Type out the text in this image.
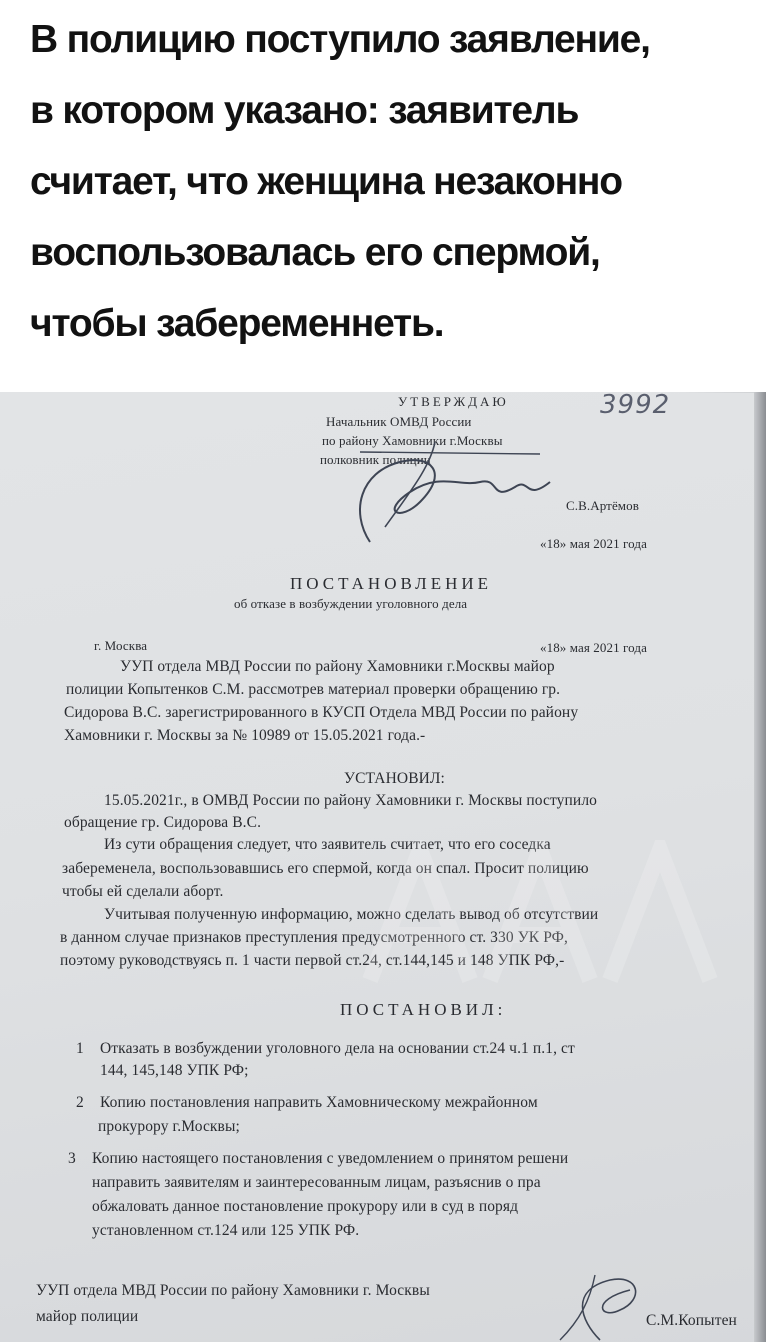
В полицию поступило заявление,

в котором указано: заявитель

считает, что женщина незаконно

воспользовалась его спермой,

чтобы забеременнеть.

3992

УТВЕРЖДАЮ

Начальник ОМВД России

по району Хамовники г.Москвы

полковник полиции

С.В.Артёмов

«18» мая 2021 года

ПОСТАНОВЛЕНИЕ

об отказе в возбуждении уголовного дела

г. Москва	«18» мая 2021 года

УУП отдела МВД России по району Хамовники г.Москвы майор

полиции Копытенков С.М. рассмотрев материал проверки обращению гр.

Сидорова В.С. зарегистрированного в КУСП Отдела МВД России по району

Хамовники г. Москвы за № 10989 от 15.05.2021 года.-

УСТАНОВИЛ:

15.05.2021г., в ОМВД России по району Хамовники г. Москвы поступило

обращение гр. Сидорова В.С.

Из сути обращения следует, что заявитель считает, что его соседка

забеременела, воспользовавшись его спермой, когда он спал. Просит полицию

чтобы ей сделали аборт.

Учитывая полученную информацию, можно сделать вывод об отсутствии

в данном случае признаков преступления предусмотренного ст. 330 УК РФ,

поэтому руководствуясь п. 1 части первой ст.24, ст.144,145 и 148 УПК РФ,-

ПОСТАНОВИЛ:

1 Отказать в возбуждении уголовного дела на основании ст.24 ч.1 п.1, ст

144, 145,148 УПК РФ;

2 Копию постановления направить Хамовническому межрайонном

прокурору г.Москвы;

3 Копию настоящего постановления с уведомлением о принятом решени

направить заявителям и заинтересованным лицам, разъяснив о пра

обжаловать данное постановление прокурору или в суд в поряд

установленном ст.124 или 125 УПК РФ.

УУП отдела МВД России по району Хамовники г. Москвы

майор полиции	С.М.Копытен
